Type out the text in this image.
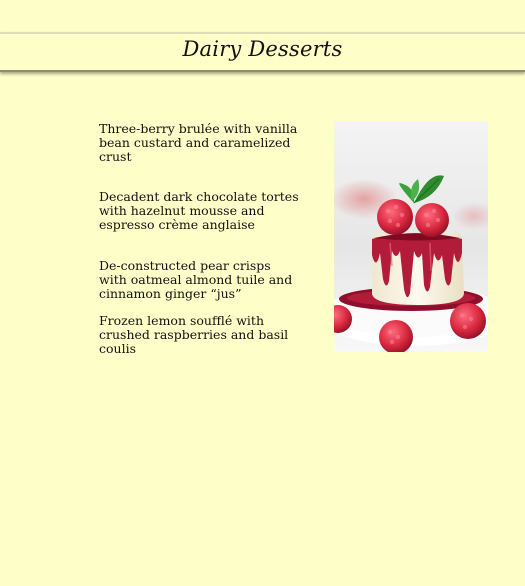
Dairy Desserts
Three-berry brulée with vanilla bean custard and caramelized crust
Decadent dark chocolate tortes with hazelnut mousse and espresso crème anglaise
De-constructed pear crisps with oatmeal almond tuile and cinnamon ginger “jus”
Frozen lemon soufflé with crushed raspberries and basil coulis
